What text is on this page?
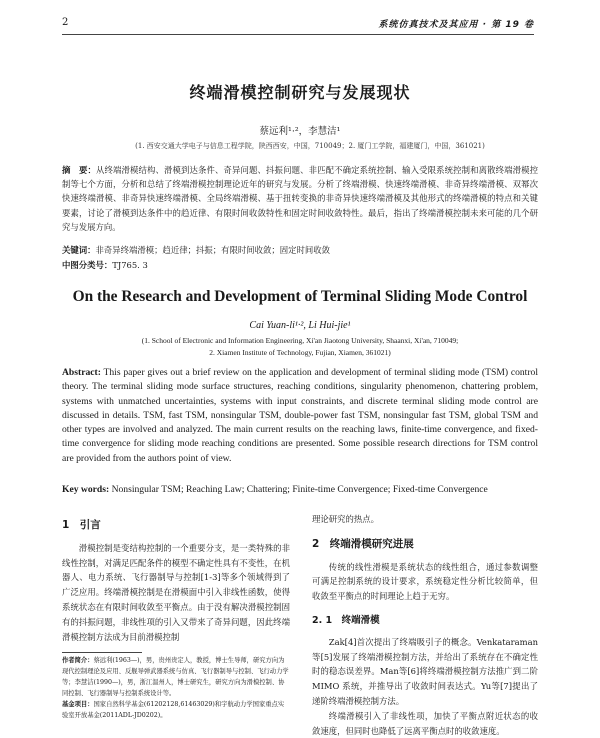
2	系统仿真技术及其应用 · 第 19 卷
终端滑模控制研究与发展现状
蔡远利¹·²，李慧洁¹
(1. 西安交通大学电子与信息工程学院，陕西西安，中国，710049；2. 厦门工学院，福建厦门，中国，361021)
摘　要：从终端滑模结构、滑模到达条件、奇异问题、抖振问题、非匹配不确定系统控制、输入受限系统控制和离散终端滑模控制等七个方面，分析和总结了终端滑模控制理论近年的研究与发展。分析了终端滑模、快速终端滑模、非奇异终端滑模、双幂次快速终端滑模、非奇异快速终端滑模、全局终端滑模、基于扭转变换的非奇异快速终端滑模及其他形式的终端滑模的特点和关键要素，讨论了滑模到达条件中的趋近律、有限时间收敛特性和固定时间收敛特性。最后，指出了终端滑模控制未来可能的几个研究与发展方向。
关键词：非奇异终端滑模；趋近律；抖振；有限时间收敛；固定时间收敛
中图分类号：TJ765. 3
On the Research and Development of Terminal Sliding Mode Control
Cai Yuan-li¹·², Li Hui-jie¹
(1. School of Electronic and Information Engineering, Xi'an Jiaotong University, Shaanxi, Xi'an, 710049;
2. Xiamen Institute of Technology, Fujian, Xiamen, 361021)
Abstract: This paper gives out a brief review on the application and development of terminal sliding mode (TSM) control theory. The terminal sliding mode surface structures, reaching conditions, singularity phenomenon, chattering problem, systems with unmatched uncertainties, systems with input constraints, and discrete terminal sliding mode control are discussed in details. TSM, fast TSM, nonsingular TSM, double-power fast TSM, nonsingular fast TSM, global TSM and other types are involved and analyzed. The main current results on the reaching laws, finite-time convergence, and fixed-time convergence for sliding mode reaching conditions are presented. Some possible research directions for TSM control are provided from the authors point of view.
Key words: Nonsingular TSM; Reaching Law; Chattering; Finite-time Convergence; Fixed-time Convergence
1　引言

滑模控制是变结构控制的一个重要分支，是一类特殊的非线性控制，对满足匹配条件的模型不确定性具有不变性，在机器人、电力系统、飞行器制导与控制[1-3]等多个领域得到了广泛应用。终端滑模控制是在滑模面中引入非线性函数，使得系统状态在有限时间收敛至平衡点。由于没有解决滑模控制固有的抖振问题，非线性项的引入又带来了奇异问题，因此终端滑模控制方法成为目前滑模控制

理论研究的热点。

2　终端滑模研究进展

传统的线性滑模是系统状态的线性组合，通过参数调整可满足控制系统的设计要求，系统稳定性分析比较简单，但收敛至平衡点的时间理论上趋于无穷。

2. 1　终端滑模

Zak[4]首次提出了终端吸引子的概念。Venkataraman等[5]发展了终端滑模控制方法，并给出了系统存在不确定性时的稳态误差界。Man等[6]将终端滑模控制方法推广到二阶 MIMO 系统，并推导出了收敛时间表达式。Yu等[7]提出了递阶终端滑模控制方法。

终端滑模引入了非线性项，加快了平衡点附近状态的收敛速度，但同时也降低了远离平衡点时的收敛速度。

作者简介：蔡远利(1963—)，男，贵州贵定人，教授，博士生导师，研究方向为现代控制理论及应用、反舰导弹武器系统与仿真、飞行器制导与控制、飞行动力学等；李慧洁(1990—)，男，浙江温州人，博士研究生，研究方向为滑模控制、协同控制、飞行器制导与控制系统设计等。
基金项目：国家自然科学基金(61202128,61463029)和宇航动力学国家重点实验室开放基金(2011ADL-JD0202)。
